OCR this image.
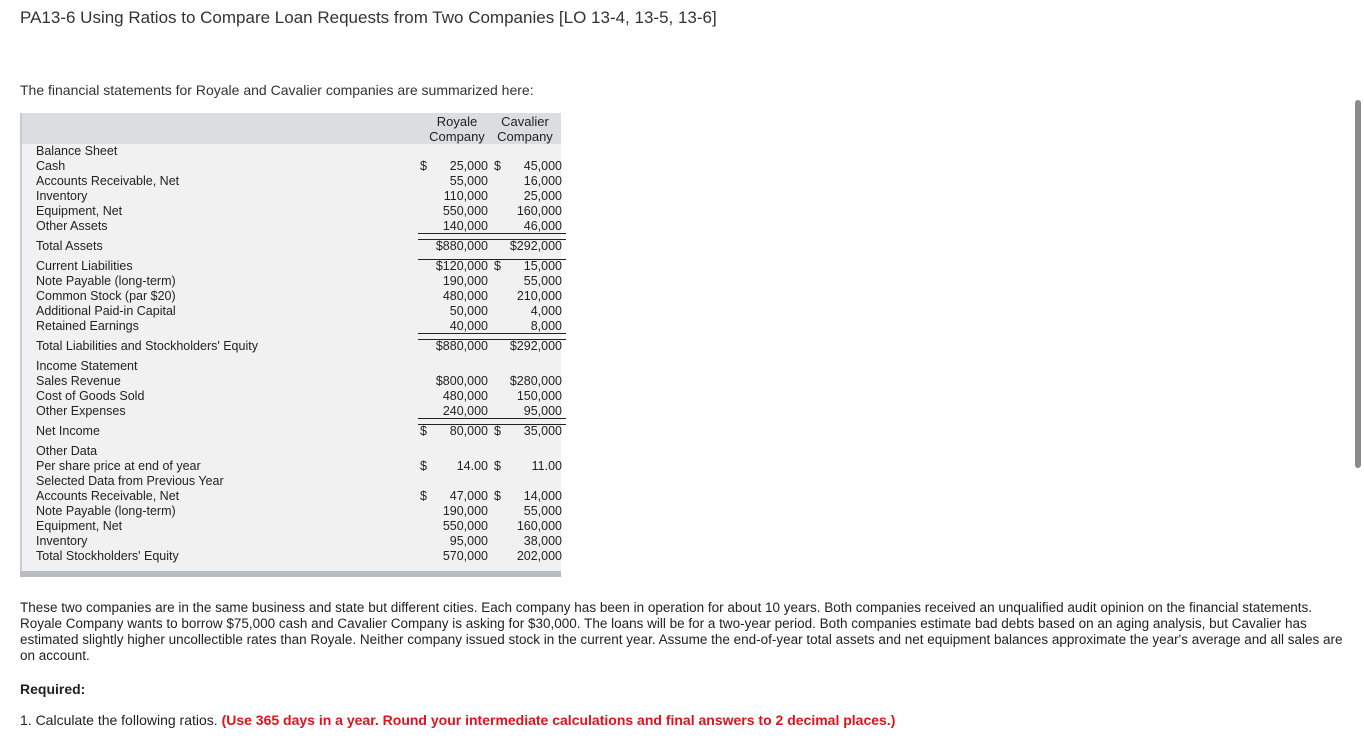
PA13-6 Using Ratios to Compare Loan Requests from Two Companies [LO 13-4, 13-5, 13-6]
The financial statements for Royale and Cavalier companies are summarized here:
Royale
Company
Cavalier
Company
Balance Sheet
Cash	$ 25,000 $ 45,000
Accounts Receivable, Net	55,000	16,000
Inventory	110,000	25,000
Equipment, Net	550,000 160,000
Other Assets	140,000	46,000
Total Assets	$880,000 $292,000
Current Liabilities	$120,000 $ 15,000
Note Payable (long-term)	190,000	55,000
Common Stock (par $20)	480,000 210,000
Additional Paid-in Capital	50,000	4,000
Retained Earnings	40,000	8,000
Total Liabilities and Stockholders' Equity	$880,000 $292,000
Income Statement
Sales Revenue	$800,000 $280,000
Cost of Goods Sold	480,000 150,000
Other Expenses	240,000	95,000
Net Income	$ 80,000 $ 35,000
Other Data
Per share price at end of year	$ 14.00 $ 11.00
Selected Data from Previous Year
Accounts Receivable, Net	$ 47,000 $ 14,000
Note Payable (long-term)	190,000	55,000
Equipment, Net	550,000 160,000
Inventory	95,000	38,000
Total Stockholders' Equity	570,000 202,000
These two companies are in the same business and state but different cities. Each company has been in operation for about 10 years. Both companies received an unqualified audit opinion on the financial statements. Royale Company wants to borrow $75,000 cash and Cavalier Company is asking for $30,000. The loans will be for a two-year period. Both companies estimate bad debts based on an aging analysis, but Cavalier has estimated slightly higher uncollectible rates than Royale. Neither company issued stock in the current year. Assume the end-of-year total assets and net equipment balances approximate the year's average and all sales are on account.
Required:
1. Calculate the following ratios. (Use 365 days in a year. Round your intermediate calculations and final answers to 2 decimal places.)
